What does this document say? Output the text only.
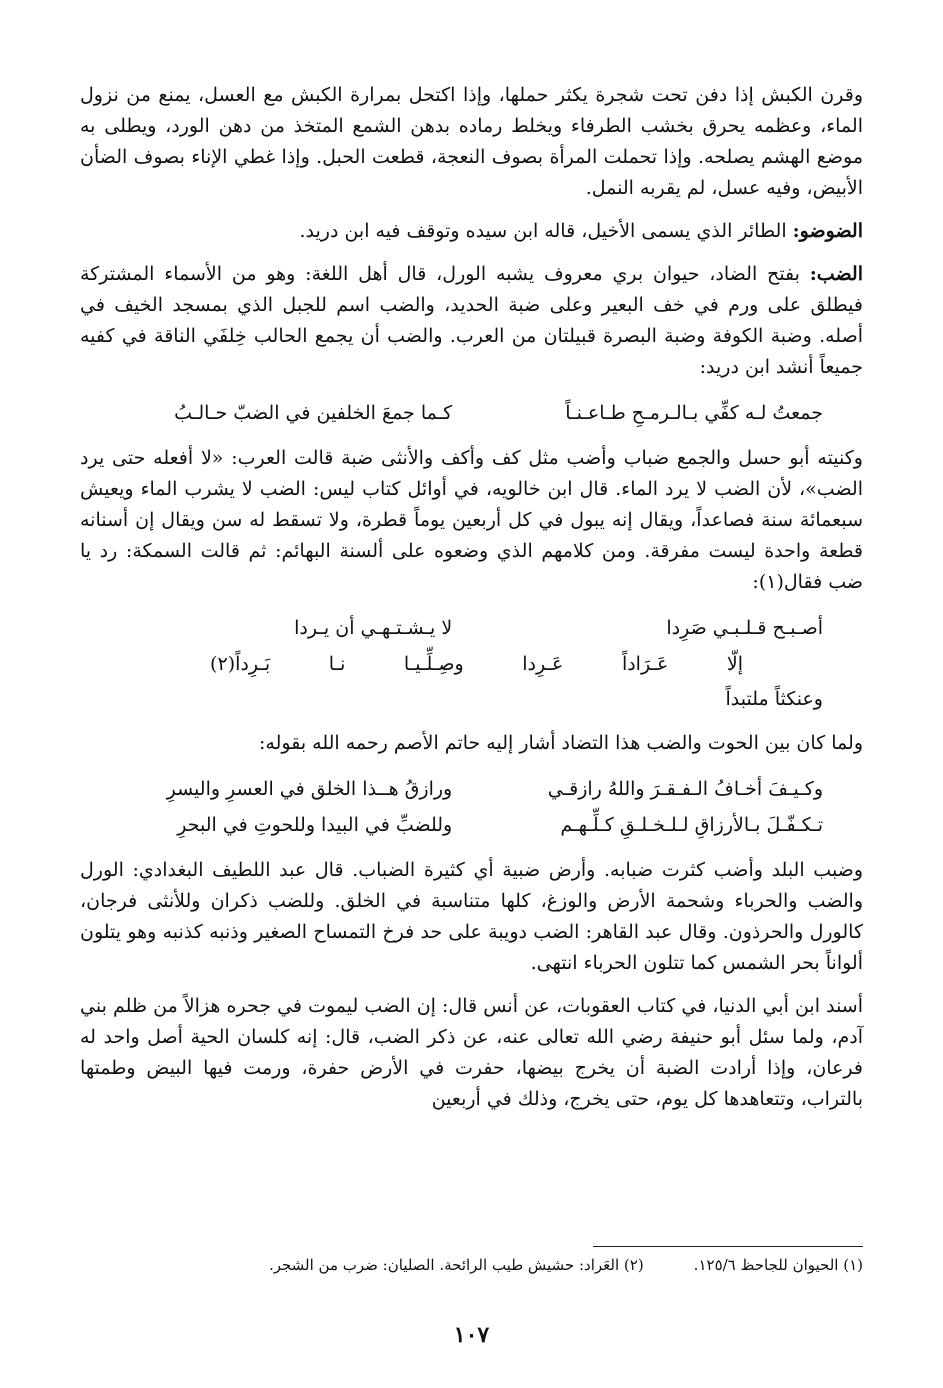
وقرن الكبش إذا دفن تحت شجرة يكثر حملها، وإذا اكتحل بمرارة الكبش مع العسل، يمنع من نزول الماء، وعظمه يحرق بخشب الطرفاء ويخلط رماده بدهن الشمع المتخذ من دهن الورد، ويطلى به موضع الهشم يصلحه. وإذا تحملت المرأة بصوف النعجة، قطعت الحبل. وإذا غطي الإناء بصوف الضأن الأبيض، وفيه عسل، لم يقربه النمل.

الضوضو: الطائر الذي يسمى الأخيل، قاله ابن سيده وتوقف فيه ابن دريد.

الضب: بفتح الضاد، حيوان بري معروف يشبه الورل، قال أهل اللغة: وهو من الأسماء المشتركة فيطلق على ورم في خف البعير وعلى ضبة الحديد، والضب اسم للجبل الذي بمسجد الخيف في أصله. وضبة الكوفة وضبة البصرة قبيلتان من العرب. والضب أن يجمع الحالب خِلفَي الناقة في كفيه جميعاً أنشد ابن دريد:

جمعتُ لـه كفِّي بـالـرمـحِ طـاعـنـاً
كـما جمعَ الخلفين في الضبّ حـالـبُ

وكنيته أبو حسل والجمع ضباب وأضب مثل كف وأكف والأنثى ضبة قالت العرب: «لا أفعله حتى يرد الضب»، لأن الضب لا يرد الماء. قال ابن خالويه، في أوائل كتاب ليس: الضب لا يشرب الماء ويعيش سبعمائة سنة فصاعداً، ويقال إنه يبول في كل أربعين يوماً قطرة، ولا تسقط له سن ويقال إن أسنانه قطعة واحدة ليست مفرقة. ومن كلامهم الذي وضعوه على ألسنة البهائم: ثم قالت السمكة: رد يا ضب فقال(١):

أصـبـح قـلـبـي صَرِدا
لا يـشـتـهـي أن يـردا
إلّا
عَـرَاداً
عَـرِدا
وصِـلِّـيـا
نـا
بَـرِداً(٢)
وعنكثاً ملتبداً

ولما كان بين الحوت والضب هذا التضاد أشار إليه حاتم الأصم رحمه الله بقوله:

وكـيـفَ أخـافُ الـفـقـرَ واللهُ رازقـي
ورازقُ هــذا الخلق في العسرِ واليسرِ
تـكـفّـلَ بـالأرزاقِ لـلـخـلـقِ كـلِّـهـم
وللضبِّ في البيدا وللحوتِ في البحرِ

وضبب البلد وأضب كثرت ضبابه. وأرض ضبية أي كثيرة الضباب. قال عبد اللطيف البغدادي: الورل والضب والحرباء وشحمة الأرض والوزغ، كلها متناسبة في الخلق. وللضب ذكران وللأنثى فرجان، كالورل والحرذون. وقال عبد القاهر: الضب دويبة على حد فرخ التمساح الصغير وذنبه كذنبه وهو يتلون ألواناً بحر الشمس كما تتلون الحرباء انتهى.

أسند ابن أبي الدنيا، في كتاب العقوبات، عن أنس قال: إن الضب ليموت في جحره هزالاً من ظلم بني آدم، ولما سئل أبو حنيفة رضي الله تعالى عنه، عن ذكر الضب، قال: إنه كلسان الحية أصل واحد له فرعان، وإذا أرادت الضبة أن يخرج بيضها، حفرت في الأرض حفرة، ورمت فيها البيض وطمتها بالتراب، وتتعاهدها كل يوم، حتى يخرج، وذلك في أربعين

(١) الحيوان للجاحظ ١٢٥/٦.
(٢) العَراد: حشيش طيب الرائحة. الصليان: ضرب من الشجر.
١٠٧
